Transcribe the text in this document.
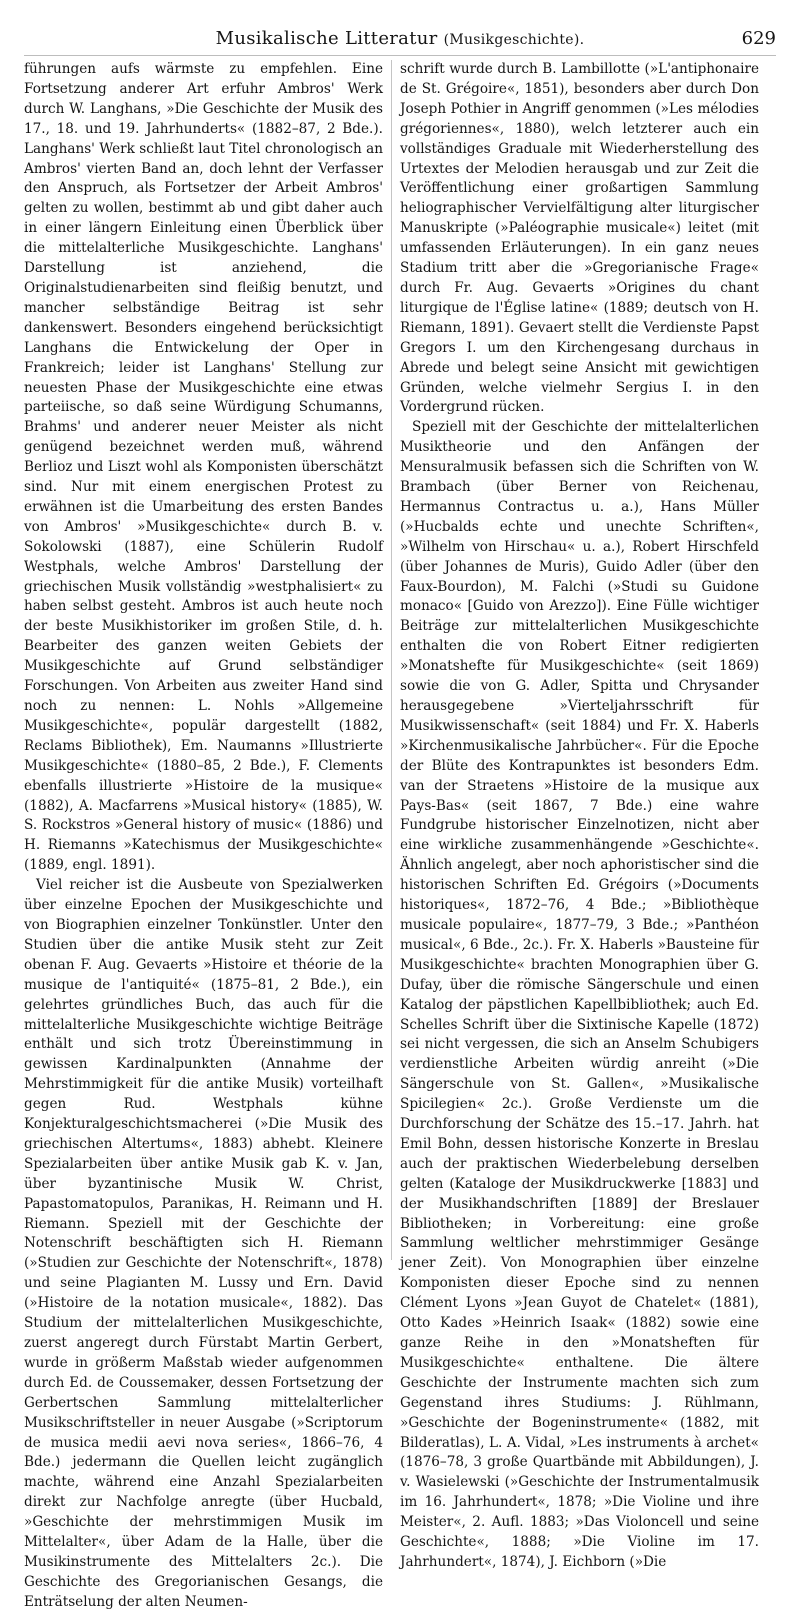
Musikalische Litteratur (Musikgeschichte).	629

führungen aufs wärmste zu empfehlen. Eine Fortsetzung anderer Art erfuhr Ambros' Werk durch W. Langhans, »Die Geschichte der Musik des 17., 18. und 19. Jahrhunderts« (1882–87, 2 Bde.). Langhans' Werk schließt laut Titel chronologisch an Ambros' vierten Band an, doch lehnt der Verfasser den Anspruch, als Fortsetzer der Arbeit Ambros' gelten zu wollen, bestimmt ab und gibt daher auch in einer längern Einleitung einen Überblick über die mittelalterliche Musikgeschichte. Langhans' Darstellung ist anziehend, die Originalstudienarbeiten sind fleißig benutzt, und mancher selbständige Beitrag ist sehr dankenswert. Besonders eingehend berücksichtigt Langhans die Entwickelung der Oper in Frankreich; leider ist Langhans' Stellung zur neuesten Phase der Musikgeschichte eine etwas parteiische, so daß seine Würdigung Schumanns, Brahms' und anderer neuer Meister als nicht genügend bezeichnet werden muß, während Berlioz und Liszt wohl als Komponisten überschätzt sind. Nur mit einem energischen Protest zu erwähnen ist die Umarbeitung des ersten Bandes von Ambros' »Musikgeschichte« durch B. v. Sokolowski (1887), eine Schülerin Rudolf Westphals, welche Ambros' Darstellung der griechischen Musik vollständig »westphalisiert« zu haben selbst gesteht. Ambros ist auch heute noch der beste Musikhistoriker im großen Stile, d. h. Bearbeiter des ganzen weiten Gebiets der Musikgeschichte auf Grund selbständiger Forschungen. Von Arbeiten aus zweiter Hand sind noch zu nennen: L. Nohls »Allgemeine Musikgeschichte«, populär dargestellt (1882, Reclams Bibliothek), Em. Naumanns »Illustrierte Musikgeschichte« (1880–85, 2 Bde.), F. Clements ebenfalls illustrierte »Histoire de la musique« (1882), A. Macfarrens »Musical history« (1885), W. S. Rockstros »General history of music« (1886) und H. Riemanns »Katechismus der Musikgeschichte« (1889, engl. 1891).

Viel reicher ist die Ausbeute von Spezialwerken über einzelne Epochen der Musikgeschichte und von Biographien einzelner Tonkünstler. Unter den Studien über die antike Musik steht zur Zeit obenan F. Aug. Gevaerts »Histoire et théorie de la musique de l'antiquité« (1875–81, 2 Bde.), ein gelehrtes gründliches Buch, das auch für die mittelalterliche Musikgeschichte wichtige Beiträge enthält und sich trotz Übereinstimmung in gewissen Kardinalpunkten (Annahme der Mehrstimmigkeit für die antike Musik) vorteilhaft gegen Rud. Westphals kühne Konjekturalgeschichtsmacherei (»Die Musik des griechischen Altertums«, 1883) abhebt. Kleinere Spezialarbeiten über antike Musik gab K. v. Jan, über byzantinische Musik W. Christ, Papastomatopulos, Paranikas, H. Reimann und H. Riemann. Speziell mit der Geschichte der Notenschrift beschäftigten sich H. Riemann (»Studien zur Geschichte der Notenschrift«, 1878) und seine Plagianten M. Lussy und Ern. David (»Histoire de la notation musicale«, 1882). Das Studium der mittelalterlichen Musikgeschichte, zuerst angeregt durch Fürstabt Martin Gerbert, wurde in größerm Maßstab wieder aufgenommen durch Ed. de Coussemaker, dessen Fortsetzung der Gerbertschen Sammlung mittelalterlicher Musikschriftsteller in neuer Ausgabe (»Scriptorum de musica medii aevi nova series«, 1866–76, 4 Bde.) jedermann die Quellen leicht zugänglich machte, während eine Anzahl Spezialarbeiten direkt zur Nachfolge anregte (über Hucbald, »Geschichte der mehrstimmigen Musik im Mittelalter«, über Adam de la Halle, über die Musikinstrumente des Mittelalters 2c.). Die Geschichte des Gregorianischen Gesangs, die Enträtselung der alten Neumen-

schrift wurde durch B. Lambillotte (»L'antiphonaire de St. Grégoire«, 1851), besonders aber durch Don Joseph Pothier in Angriff genommen (»Les mélodies grégoriennes«, 1880), welch letzterer auch ein vollständiges Graduale mit Wiederherstellung des Urtextes der Melodien herausgab und zur Zeit die Veröffentlichung einer großartigen Sammlung heliographischer Vervielfältigung alter liturgischer Manuskripte (»Paléographie musicale«) leitet (mit umfassenden Erläuterungen). In ein ganz neues Stadium tritt aber die »Gregorianische Frage« durch Fr. Aug. Gevaerts »Origines du chant liturgique de l'Église latine« (1889; deutsch von H. Riemann, 1891). Gevaert stellt die Verdienste Papst Gregors I. um den Kirchengesang durchaus in Abrede und belegt seine Ansicht mit gewichtigen Gründen, welche vielmehr Sergius I. in den Vordergrund rücken.

Speziell mit der Geschichte der mittelalterlichen Musiktheorie und den Anfängen der Mensuralmusik befassen sich die Schriften von W. Brambach (über Berner von Reichenau, Hermannus Contractus u. a.), Hans Müller (»Hucbalds echte und unechte Schriften«, »Wilhelm von Hirschau« u. a.), Robert Hirschfeld (über Johannes de Muris), Guido Adler (über den Faux-Bourdon), M. Falchi (»Studi su Guidone monaco« [Guido von Arezzo]). Eine Fülle wichtiger Beiträge zur mittelalterlichen Musikgeschichte enthalten die von Robert Eitner redigierten »Monatshefte für Musikgeschichte« (seit 1869) sowie die von G. Adler, Spitta und Chrysander herausgegebene »Vierteljahrsschrift für Musikwissenschaft« (seit 1884) und Fr. X. Haberls »Kirchenmusikalische Jahrbücher«. Für die Epoche der Blüte des Kontrapunktes ist besonders Edm. van der Straetens »Histoire de la musique aux Pays-Bas« (seit 1867, 7 Bde.) eine wahre Fundgrube historischer Einzelnotizen, nicht aber eine wirkliche zusammenhängende »Geschichte«. Ähnlich angelegt, aber noch aphoristischer sind die historischen Schriften Ed. Grégoirs (»Documents historiques«, 1872–76, 4 Bde.; »Bibliothèque musicale populaire«, 1877–79, 3 Bde.; »Panthéon musical«, 6 Bde., 2c.). Fr. X. Haberls »Bausteine für Musikgeschichte« brachten Monographien über G. Dufay, über die römische Sängerschule und einen Katalog der päpstlichen Kapellbibliothek; auch Ed. Schelles Schrift über die Sixtinische Kapelle (1872) sei nicht vergessen, die sich an Anselm Schubigers verdienstliche Arbeiten würdig anreiht (»Die Sängerschule von St. Gallen«, »Musikalische Spicilegien« 2c.). Große Verdienste um die Durchforschung der Schätze des 15.–17. Jahrh. hat Emil Bohn, dessen historische Konzerte in Breslau auch der praktischen Wiederbelebung derselben gelten (Kataloge der Musikdruckwerke [1883] und der Musikhandschriften [1889] der Breslauer Bibliotheken; in Vorbereitung: eine große Sammlung weltlicher mehrstimmiger Gesänge jener Zeit). Von Monographien über einzelne Komponisten dieser Epoche sind zu nennen Clément Lyons »Jean Guyot de Chatelet« (1881), Otto Kades »Heinrich Isaak« (1882) sowie eine ganze Reihe in den »Monatsheften für Musikgeschichte« enthaltene. Die ältere Geschichte der Instrumente machten sich zum Gegenstand ihres Studiums: J. Rühlmann, »Geschichte der Bogeninstrumente« (1882, mit Bilderatlas), L. A. Vidal, »Les instruments à archet« (1876–78, 3 große Quartbände mit Abbildungen), J. v. Wasielewski (»Geschichte der Instrumentalmusik im 16. Jahrhundert«, 1878; »Die Violine und ihre Meister«, 2. Aufl. 1883; »Das Violoncell und seine Geschichte«, 1888; »Die Violine im 17. Jahrhundert«, 1874), J. Eichborn (»Die
